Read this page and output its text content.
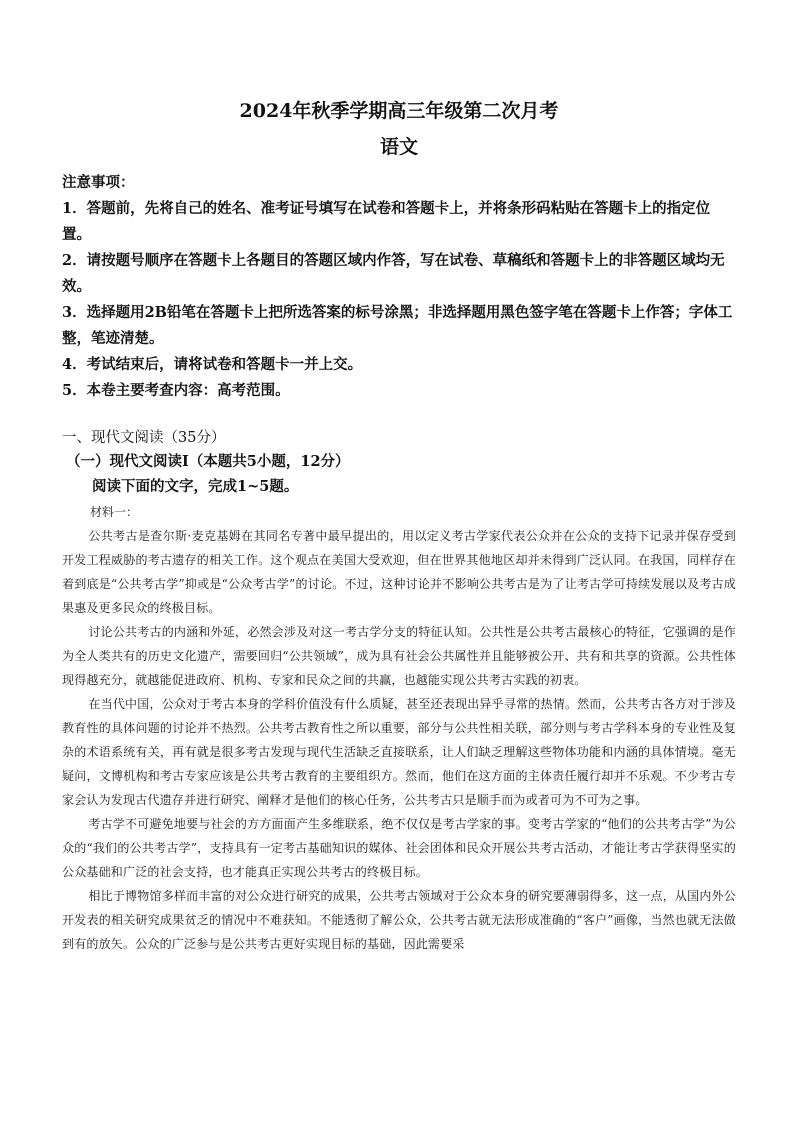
2024年秋季学期高三年级第二次月考
语文
注意事项：
1．答题前，先将自己的姓名、准考证号填写在试卷和答题卡上，并将条形码粘贴在答题卡上的指定位置。
2．请按题号顺序在答题卡上各题目的答题区域内作答，写在试卷、草稿纸和答题卡上的非答题区域均无效。
3．选择题用2B铅笔在答题卡上把所选答案的标号涂黑；非选择题用黑色签字笔在答题卡上作答；字体工整，笔迹清楚。
4．考试结束后，请将试卷和答题卡一并上交。
5．本卷主要考查内容：高考范围。
一、现代文阅读（35分）
（一）现代文阅读Ⅰ（本题共5小题，12分）
阅读下面的文字，完成1~5题。
材料一：

公共考古是查尔斯·麦克基姆在其同名专著中最早提出的，用以定义考古学家代表公众并在公众的支持下记录并保存受到开发工程威胁的考古遗存的相关工作。这个观点在美国大受欢迎，但在世界其他地区却并未得到广泛认同。在我国，同样存在着到底是“公共考古学”抑或是“公众考古学”的讨论。不过，这种讨论并不影响公共考古是为了让考古学可持续发展以及考古成果惠及更多民众的终极目标。

讨论公共考古的内涵和外延，必然会涉及对这一考古学分支的特征认知。公共性是公共考古最核心的特征，它强调的是作为全人类共有的历史文化遗产，需要回归“公共领域”，成为具有社会公共属性并且能够被公开、共有和共享的资源。公共性体现得越充分，就越能促进政府、机构、专家和民众之间的共赢，也越能实现公共考古实践的初衷。

在当代中国，公众对于考古本身的学科价值没有什么质疑，甚至还表现出异乎寻常的热情。然而，公共考古各方对于涉及教育性的具体问题的讨论并不热烈。公共考古教育性之所以重要，部分与公共性相关联，部分则与考古学科本身的专业性及复杂的术语系统有关，再有就是很多考古发现与现代生活缺乏直接联系，让人们缺乏理解这些物体功能和内涵的具体情境。毫无疑问，文博机构和考古专家应该是公共考古教育的主要组织方。然而，他们在这方面的主体责任履行却并不乐观。不少考古专家会认为发现古代遗存并进行研究、阐释才是他们的核心任务，公共考古只是顺手而为或者可为不可为之事。

考古学不可避免地要与社会的方方面面产生多维联系，绝不仅仅是考古学家的事。变考古学家的“他们的公共考古学”为公众的“我们的公共考古学”，支持具有一定考古基础知识的媒体、社会团体和民众开展公共考古活动，才能让考古学获得坚实的公众基础和广泛的社会支持，也才能真正实现公共考古的终极目标。

相比于博物馆多样而丰富的对公众进行研究的成果，公共考古领域对于公众本身的研究要薄弱得多，这一点，从国内外公开发表的相关研究成果贫乏的情况中不难获知。不能透彻了解公众，公共考古就无法形成准确的“客户”画像，当然也就无法做到有的放矢。公众的广泛参与是公共考古更好实现目标的基础，因此需要采
